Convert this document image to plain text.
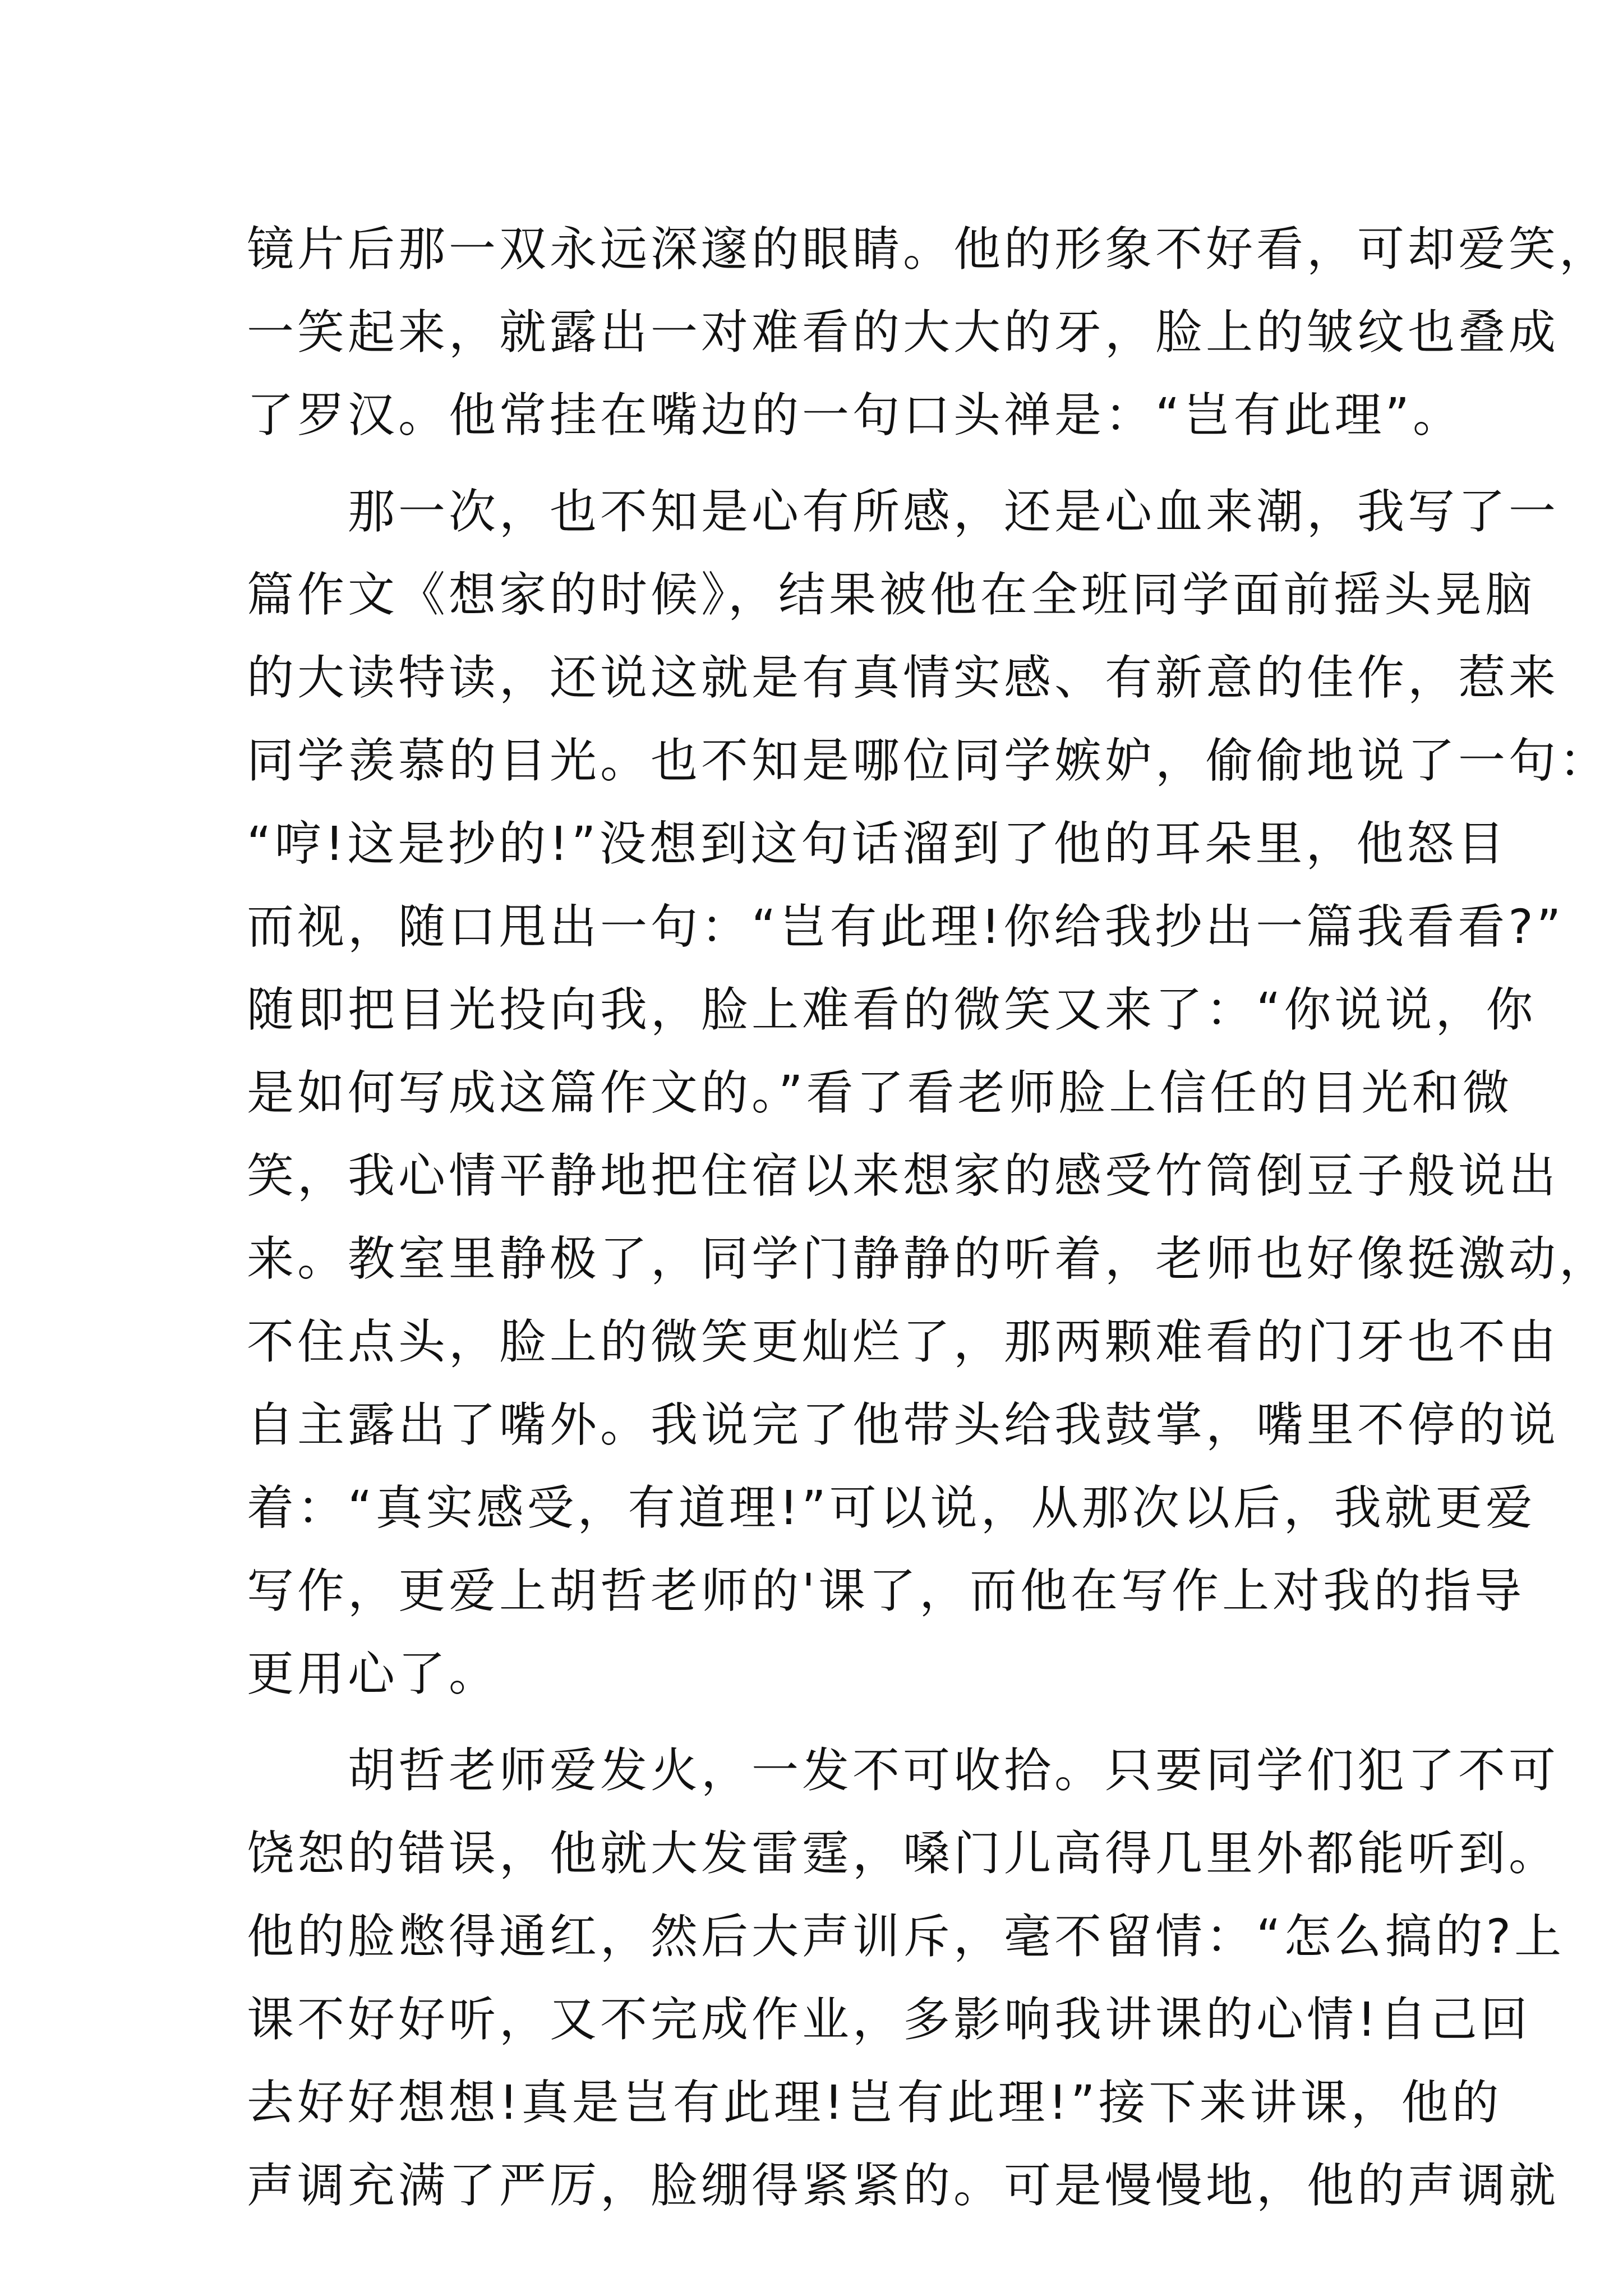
镜片后那一双永远深邃的眼睛。他的形象不好看，可却爱笑，
一笑起来，就露出一对难看的大大的牙，脸上的皱纹也叠成
了罗汉。他常挂在嘴边的一句口头禅是：“岂有此理”。
那一次，也不知是心有所感，还是心血来潮，我写了一
篇作文《想家的时候》，结果被他在全班同学面前摇头晃脑
的大读特读，还说这就是有真情实感、有新意的佳作，惹来
同学羡慕的目光。也不知是哪位同学嫉妒，偷偷地说了一句：
“哼!这是抄的!”没想到这句话溜到了他的耳朵里，他怒目
而视，随口甩出一句：“岂有此理!你给我抄出一篇我看看?”
随即把目光投向我，脸上难看的微笑又来了：“你说说，你
是如何写成这篇作文的。”看了看老师脸上信任的目光和微
笑，我心情平静地把住宿以来想家的感受竹筒倒豆子般说出
来。教室里静极了，同学门静静的听着，老师也好像挺激动，
不住点头，脸上的微笑更灿烂了，那两颗难看的门牙也不由
自主露出了嘴外。我说完了他带头给我鼓掌，嘴里不停的说
着：“真实感受，有道理!”可以说，从那次以后，我就更爱
写作，更爱上胡哲老师的'课了，而他在写作上对我的指导
更用心了。
胡哲老师爱发火，一发不可收拾。只要同学们犯了不可
饶恕的错误，他就大发雷霆，嗓门儿高得几里外都能听到。
他的脸憋得通红，然后大声训斥，毫不留情：“怎么搞的?上
课不好好听，又不完成作业，多影响我讲课的心情!自己回
去好好想想!真是岂有此理!岂有此理!”接下来讲课，他的
声调充满了严厉，脸绷得紧紧的。可是慢慢地，他的声调就
